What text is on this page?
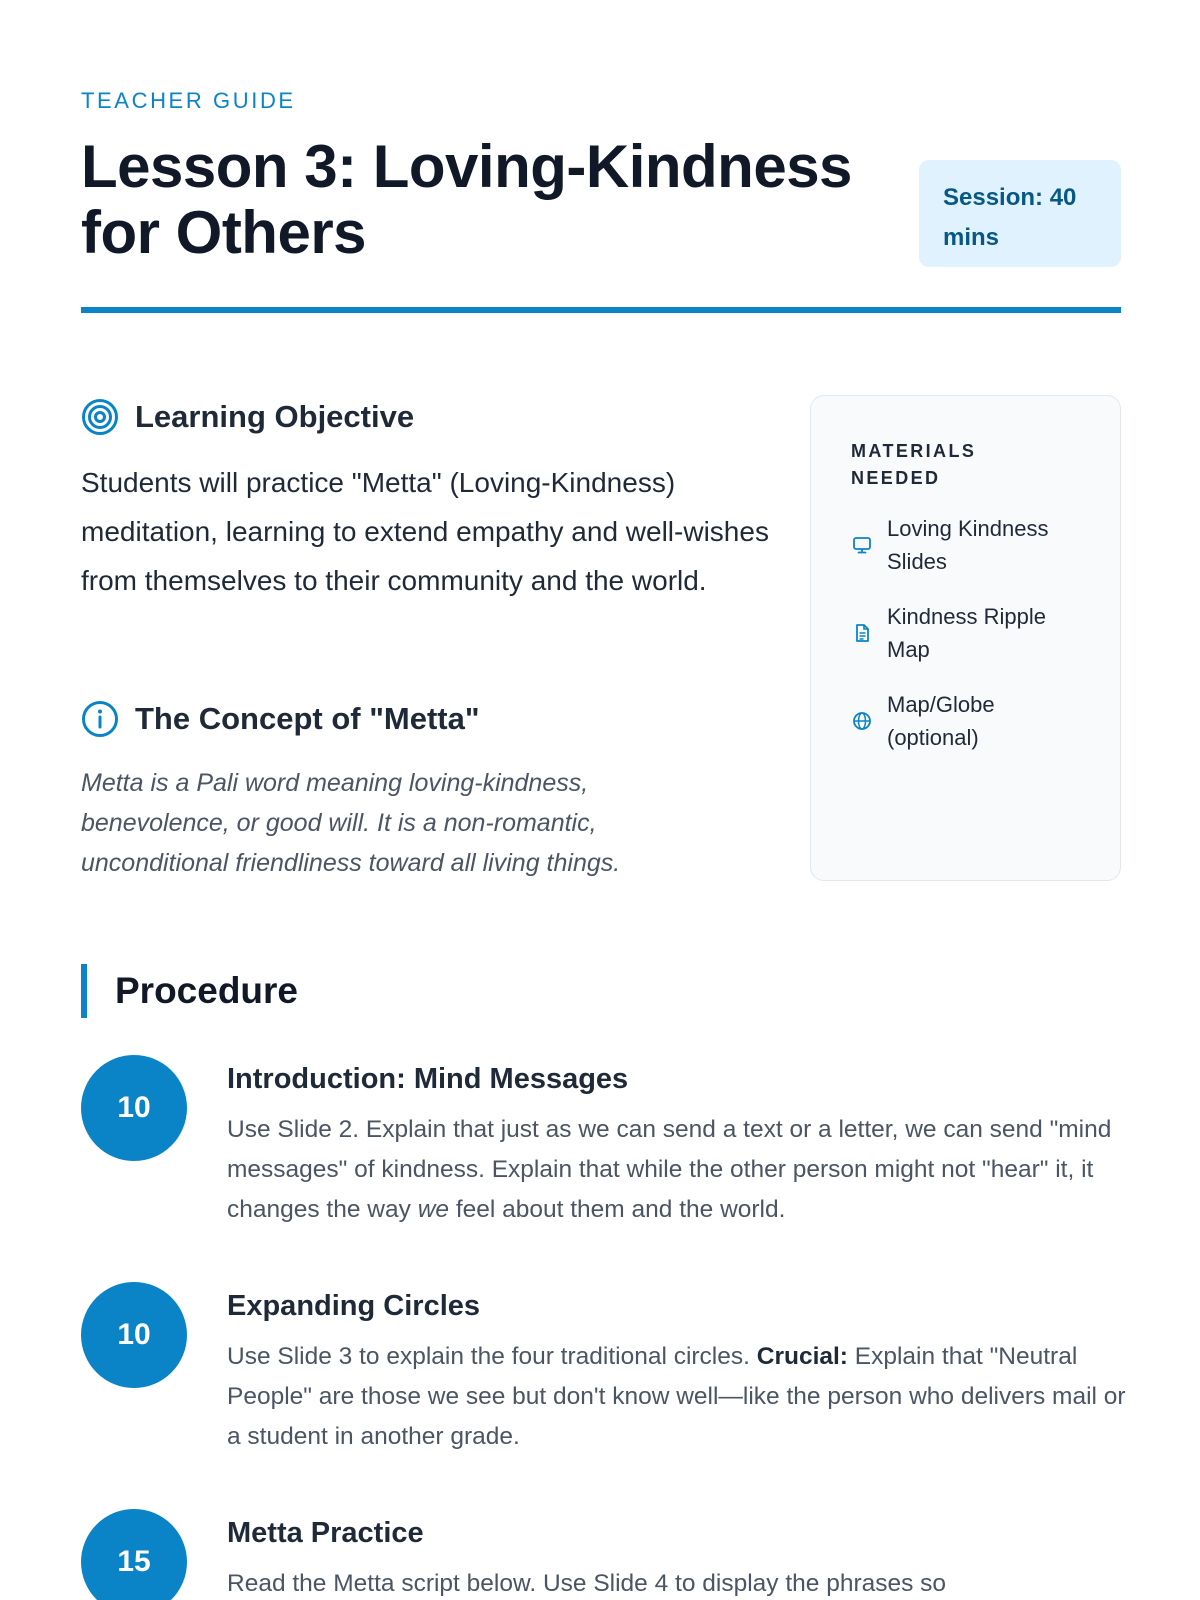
TEACHER GUIDE
Lesson 3: Loving-Kindness for Others
Session: 40 mins
Learning Objective

Students will practice "Metta" (Loving-Kindness) meditation, learning to extend empathy and well-wishes from themselves to their community and the world.

The Concept of "Metta"

Metta is a Pali word meaning loving-kindness, benevolence, or good will. It is a non-romantic, unconditional friendliness toward all living things.

MATERIALS NEEDED
Loving Kindness Slides
Kindness Ripple Map
Map/Globe (optional)
Procedure
10
Introduction: Mind Messages

Use Slide 2. Explain that just as we can send a text or a letter, we can send "mind messages" of kindness. Explain that while the other person might not "hear" it, it changes the way we feel about them and the world.

10
Expanding Circles

Use Slide 3 to explain the four traditional circles. Crucial: Explain that "Neutral People" are those we see but don't know well—like the person who delivers mail or a student in another grade.

15
Metta Practice

Read the Metta script below. Use Slide 4 to display the phrases so
